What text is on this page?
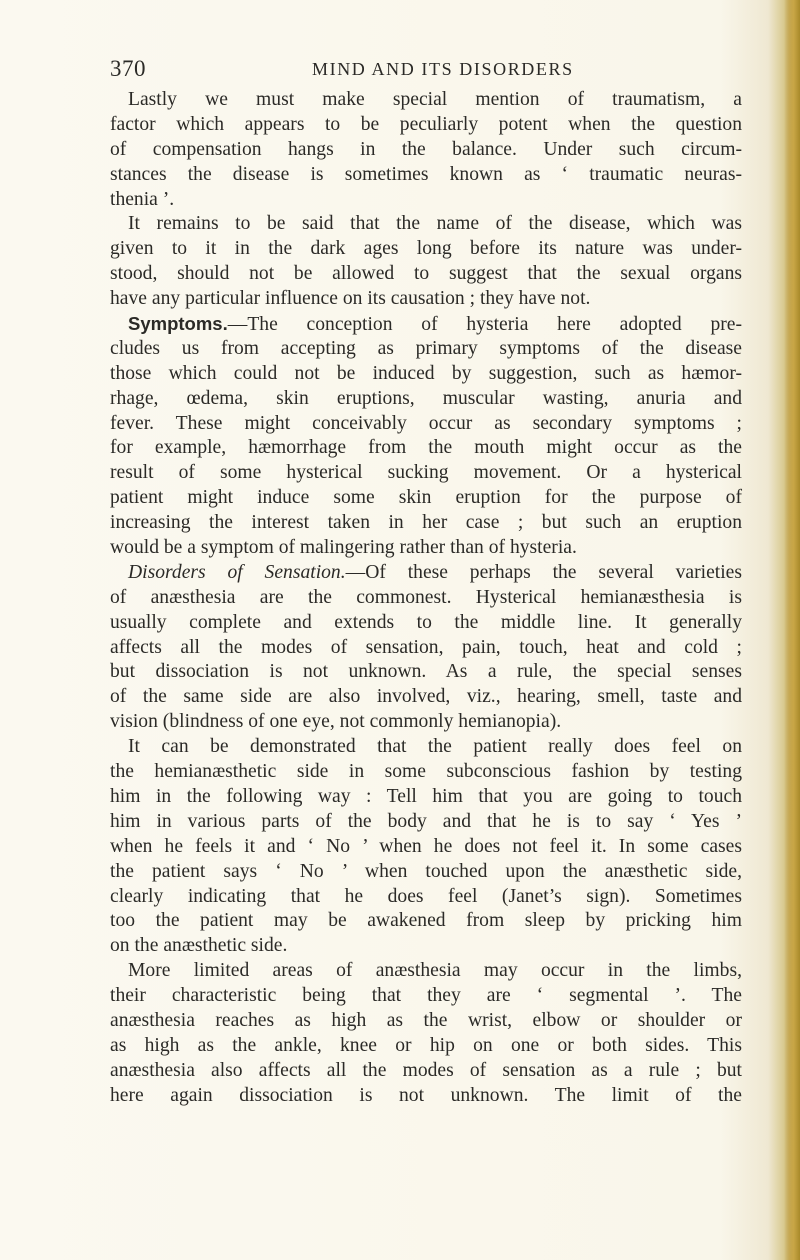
370	MIND AND ITS DISORDERS
Lastly we must make special mention of traumatism, a
factor which appears to be peculiarly potent when the question
of compensation hangs in the balance. Under such circum-
stances the disease is sometimes known as ‘ traumatic neuras-
thenia ’.
It remains to be said that the name of the disease, which was
given to it in the dark ages long before its nature was under-
stood, should not be allowed to suggest that the sexual organs
have any particular influence on its causation ; they have not.
Symptoms.—The conception of hysteria here adopted pre-
cludes us from accepting as primary symptoms of the disease
those which could not be induced by suggestion, such as hæmor-
rhage, œdema, skin eruptions, muscular wasting, anuria and
fever. These might conceivably occur as secondary symptoms ;
for example, hæmorrhage from the mouth might occur as the
result of some hysterical sucking movement. Or a hysterical
patient might induce some skin eruption for the purpose of
increasing the interest taken in her case ; but such an eruption
would be a symptom of malingering rather than of hysteria.
Disorders of Sensation.—Of these perhaps the several varieties
of anæsthesia are the commonest. Hysterical hemianæsthesia is
usually complete and extends to the middle line. It generally
affects all the modes of sensation, pain, touch, heat and cold ;
but dissociation is not unknown. As a rule, the special senses
of the same side are also involved, viz., hearing, smell, taste and
vision (blindness of one eye, not commonly hemianopia).
It can be demonstrated that the patient really does feel on
the hemianæsthetic side in some subconscious fashion by testing
him in the following way : Tell him that you are going to touch
him in various parts of the body and that he is to say ‘ Yes ’
when he feels it and ‘ No ’ when he does not feel it. In some cases
the patient says ‘ No ’ when touched upon the anæsthetic side,
clearly indicating that he does feel (Janet’s sign). Sometimes
too the patient may be awakened from sleep by pricking him
on the anæsthetic side.
More limited areas of anæsthesia may occur in the limbs,
their characteristic being that they are ‘ segmental ’. The
anæsthesia reaches as high as the wrist, elbow or shoulder or
as high as the ankle, knee or hip on one or both sides. This
anæsthesia also affects all the modes of sensation as a rule ; but
here again dissociation is not unknown. The limit of the
